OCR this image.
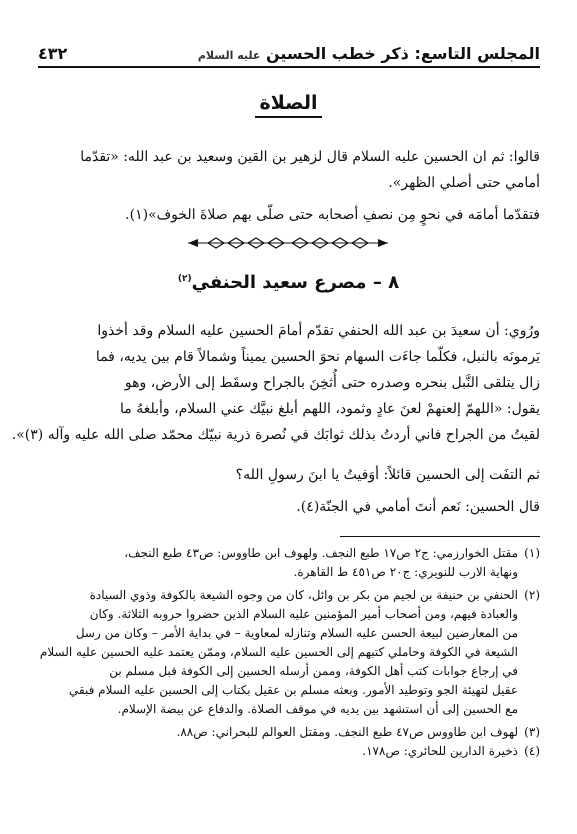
المجلس التاسع: ذكر خطب الحسين عليه السلام
٤٣٢
الصلاة
قالوا: ثم ان الحسين عليه السلام قال لزهير بن القين وسعيد بن عبد الله: «تقدّما
أمامي حتى أصلي الظهر».
فتقدّما أمامَه في نحوٍ مِن نصفِ أصحابه حتى صلّى بهم صلاةَ الخوف»(١).
٨ – مصرع سعيد الحنفي$^{(٢)}$
ورُوي: أن سعيدَ بن عبد الله الحنفي تقدّم أمامَ الحسين عليه السلام وقد أخذوا
يَرمونَه بالنبل، فكلّما جاءَت السهام نحوَ الحسين يميناً وشمالاً قام بين يديه، فما
زال يتلقى النَّبل بنحره وصدره حتى أُثخِنَ بالجراح وسقَط إلى الأرض، وهو
يقول: «اللهمّ إلعنهمْ لعنَ عادٍ وثمود، اللهم أبلغ نبيَّك عني السلام، وأبلغهُ ما
لقيتُ من الجراح فاني أردتُ بذلك ثوابَك في نُصرة ذرية نبيّك محمّد صلى الله عليه وآله (٣)».
ثم التفَت إلى الحسين قائلاً: أوَفيتُ يا ابنَ رسولِ الله؟
قال الحسين: نَعم أنتَ أمامي في الجنّة(٤).
(١)مقتل الخوارزمي: ج٢ ص١٧ طبع النجف. ولهوف ابن طاووس: ص٤٣ طبع النجف،
ونهاية الارب للنويري: ج٢٠ ص٤٥١ ط القاهرة.
(٢)الحنفي بن حنيفة بن لجيم من بكر بن وائل، كان من وجوه الشيعة بالكوفة وذوي السيادة
والعبادة فيهم، ومن أصحاب أمير المؤمنين عليه السلام الذين حضروا حروبه الثلاثة. وكان
من المعارضين لبيعة الحسن عليه السلام وتنازله لمعاوية – في بداية الأمر – وكان من رسل
الشيعة في الكوفة وحاملي كتبهم إلى الحسين عليه السلام، وممّن يعتمد عليه الحسين عليه السلام
في إرجاع جوابات كتب أهل الكوفة، وممن أرسله الحسين إلى الكوفة قبل مسلم بن
عقيل لتهيئة الجو وتوطيد الأمور. وبعثه مسلم بن عقيل بكتاب إلى الحسين عليه السلام فبقي
مع الحسين إلى أن استشهد بين يديه في موقف الصلاة. والدفاع عن بيضة الإسلام.
(٣)لهوف ابن طاووس ص٤٧ طبع النجف. ومقتل العوالم للبحراني: ص٨٨.
(٤)ذخيرة الدارين للحائري: ص١٧٨.
